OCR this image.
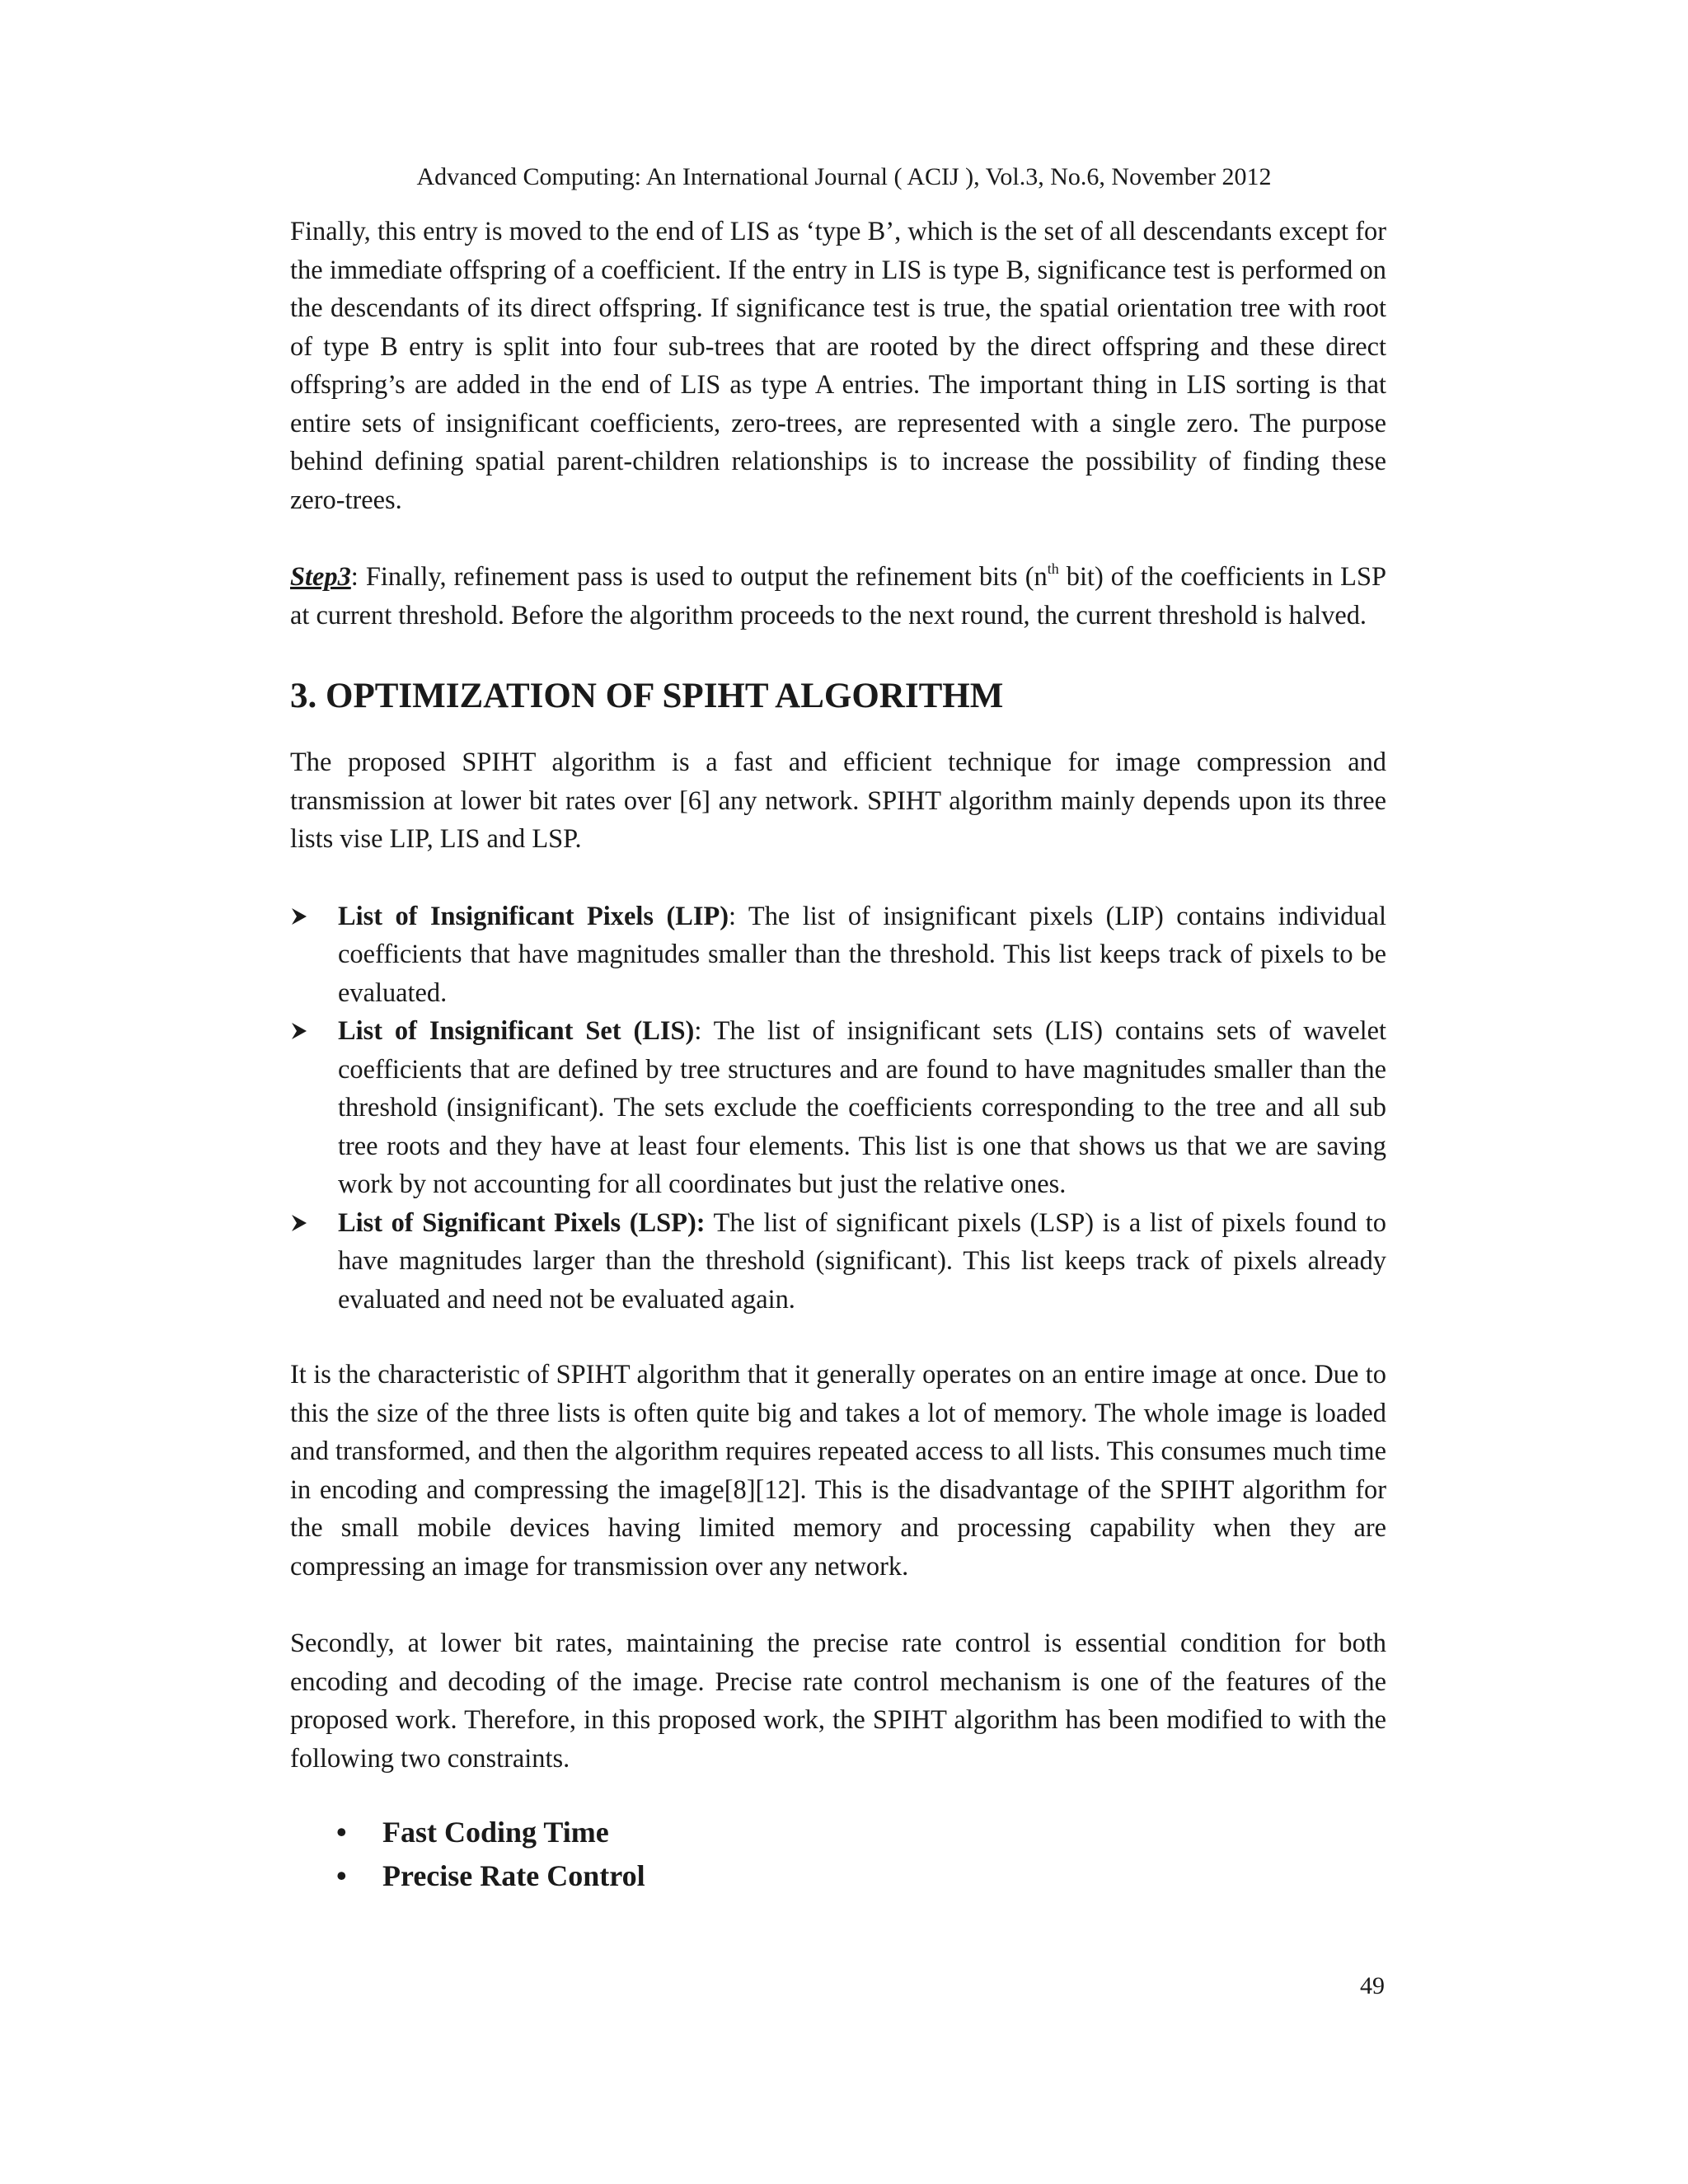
Advanced Computing: An International Journal ( ACIJ ), Vol.3, No.6, November 2012

Finally, this entry is moved to the end of LIS as ‘type B’, which is the set of all descendants except for the immediate offspring of a coefficient. If the entry in LIS is type B, significance test is performed on the descendants of its direct offspring. If significance test is true, the spatial orientation tree with root of type B entry is split into four sub-trees that are rooted by the direct offspring and these direct offspring’s are added in the end of LIS as type A entries. The important thing in LIS sorting is that entire sets of insignificant coefficients, zero-trees, are represented with a single zero. The purpose behind defining spatial parent-children relationships is to increase the possibility of finding these zero-trees.

Step3: Finally, refinement pass is used to output the refinement bits ($n^{th}$ bit) of the coefficients in LSP at current threshold. Before the algorithm proceeds to the next round, the current threshold is halved.

3. OPTIMIZATION OF SPIHT ALGORITHM

The proposed SPIHT algorithm is a fast and efficient technique for image compression and transmission at lower bit rates over [6] any network. SPIHT algorithm mainly depends upon its three lists vise LIP, LIS and LSP.

List of Insignificant Pixels (LIP): The list of insignificant pixels (LIP) contains individual coefficients that have magnitudes smaller than the threshold. This list keeps track of pixels to be evaluated.
List of Insignificant Set (LIS): The list of insignificant sets (LIS) contains sets of wavelet coefficients that are defined by tree structures and are found to have magnitudes smaller than the threshold (insignificant). The sets exclude the coefficients corresponding to the tree and all sub tree roots and they have at least four elements. This list is one that shows us that we are saving work by not accounting for all coordinates but just the relative ones.
List of Significant Pixels (LSP): The list of significant pixels (LSP) is a list of pixels found to have magnitudes larger than the threshold (significant). This list keeps track of pixels already evaluated and need not be evaluated again.

It is the characteristic of SPIHT algorithm that it generally operates on an entire image at once. Due to this the size of the three lists is often quite big and takes a lot of memory. The whole image is loaded and transformed, and then the algorithm requires repeated access to all lists. This consumes much time in encoding and compressing the image[8][12]. This is the disadvantage of the SPIHT algorithm for the small mobile devices having limited memory and processing capability when they are compressing an image for transmission over any network.

Secondly, at lower bit rates, maintaining the precise rate control is essential condition for both encoding and decoding of the image. Precise rate control mechanism is one of the features of the proposed work. Therefore, in this proposed work, the SPIHT algorithm has been modified to with the following two constraints.

• Fast Coding Time
• Precise Rate Control
49
